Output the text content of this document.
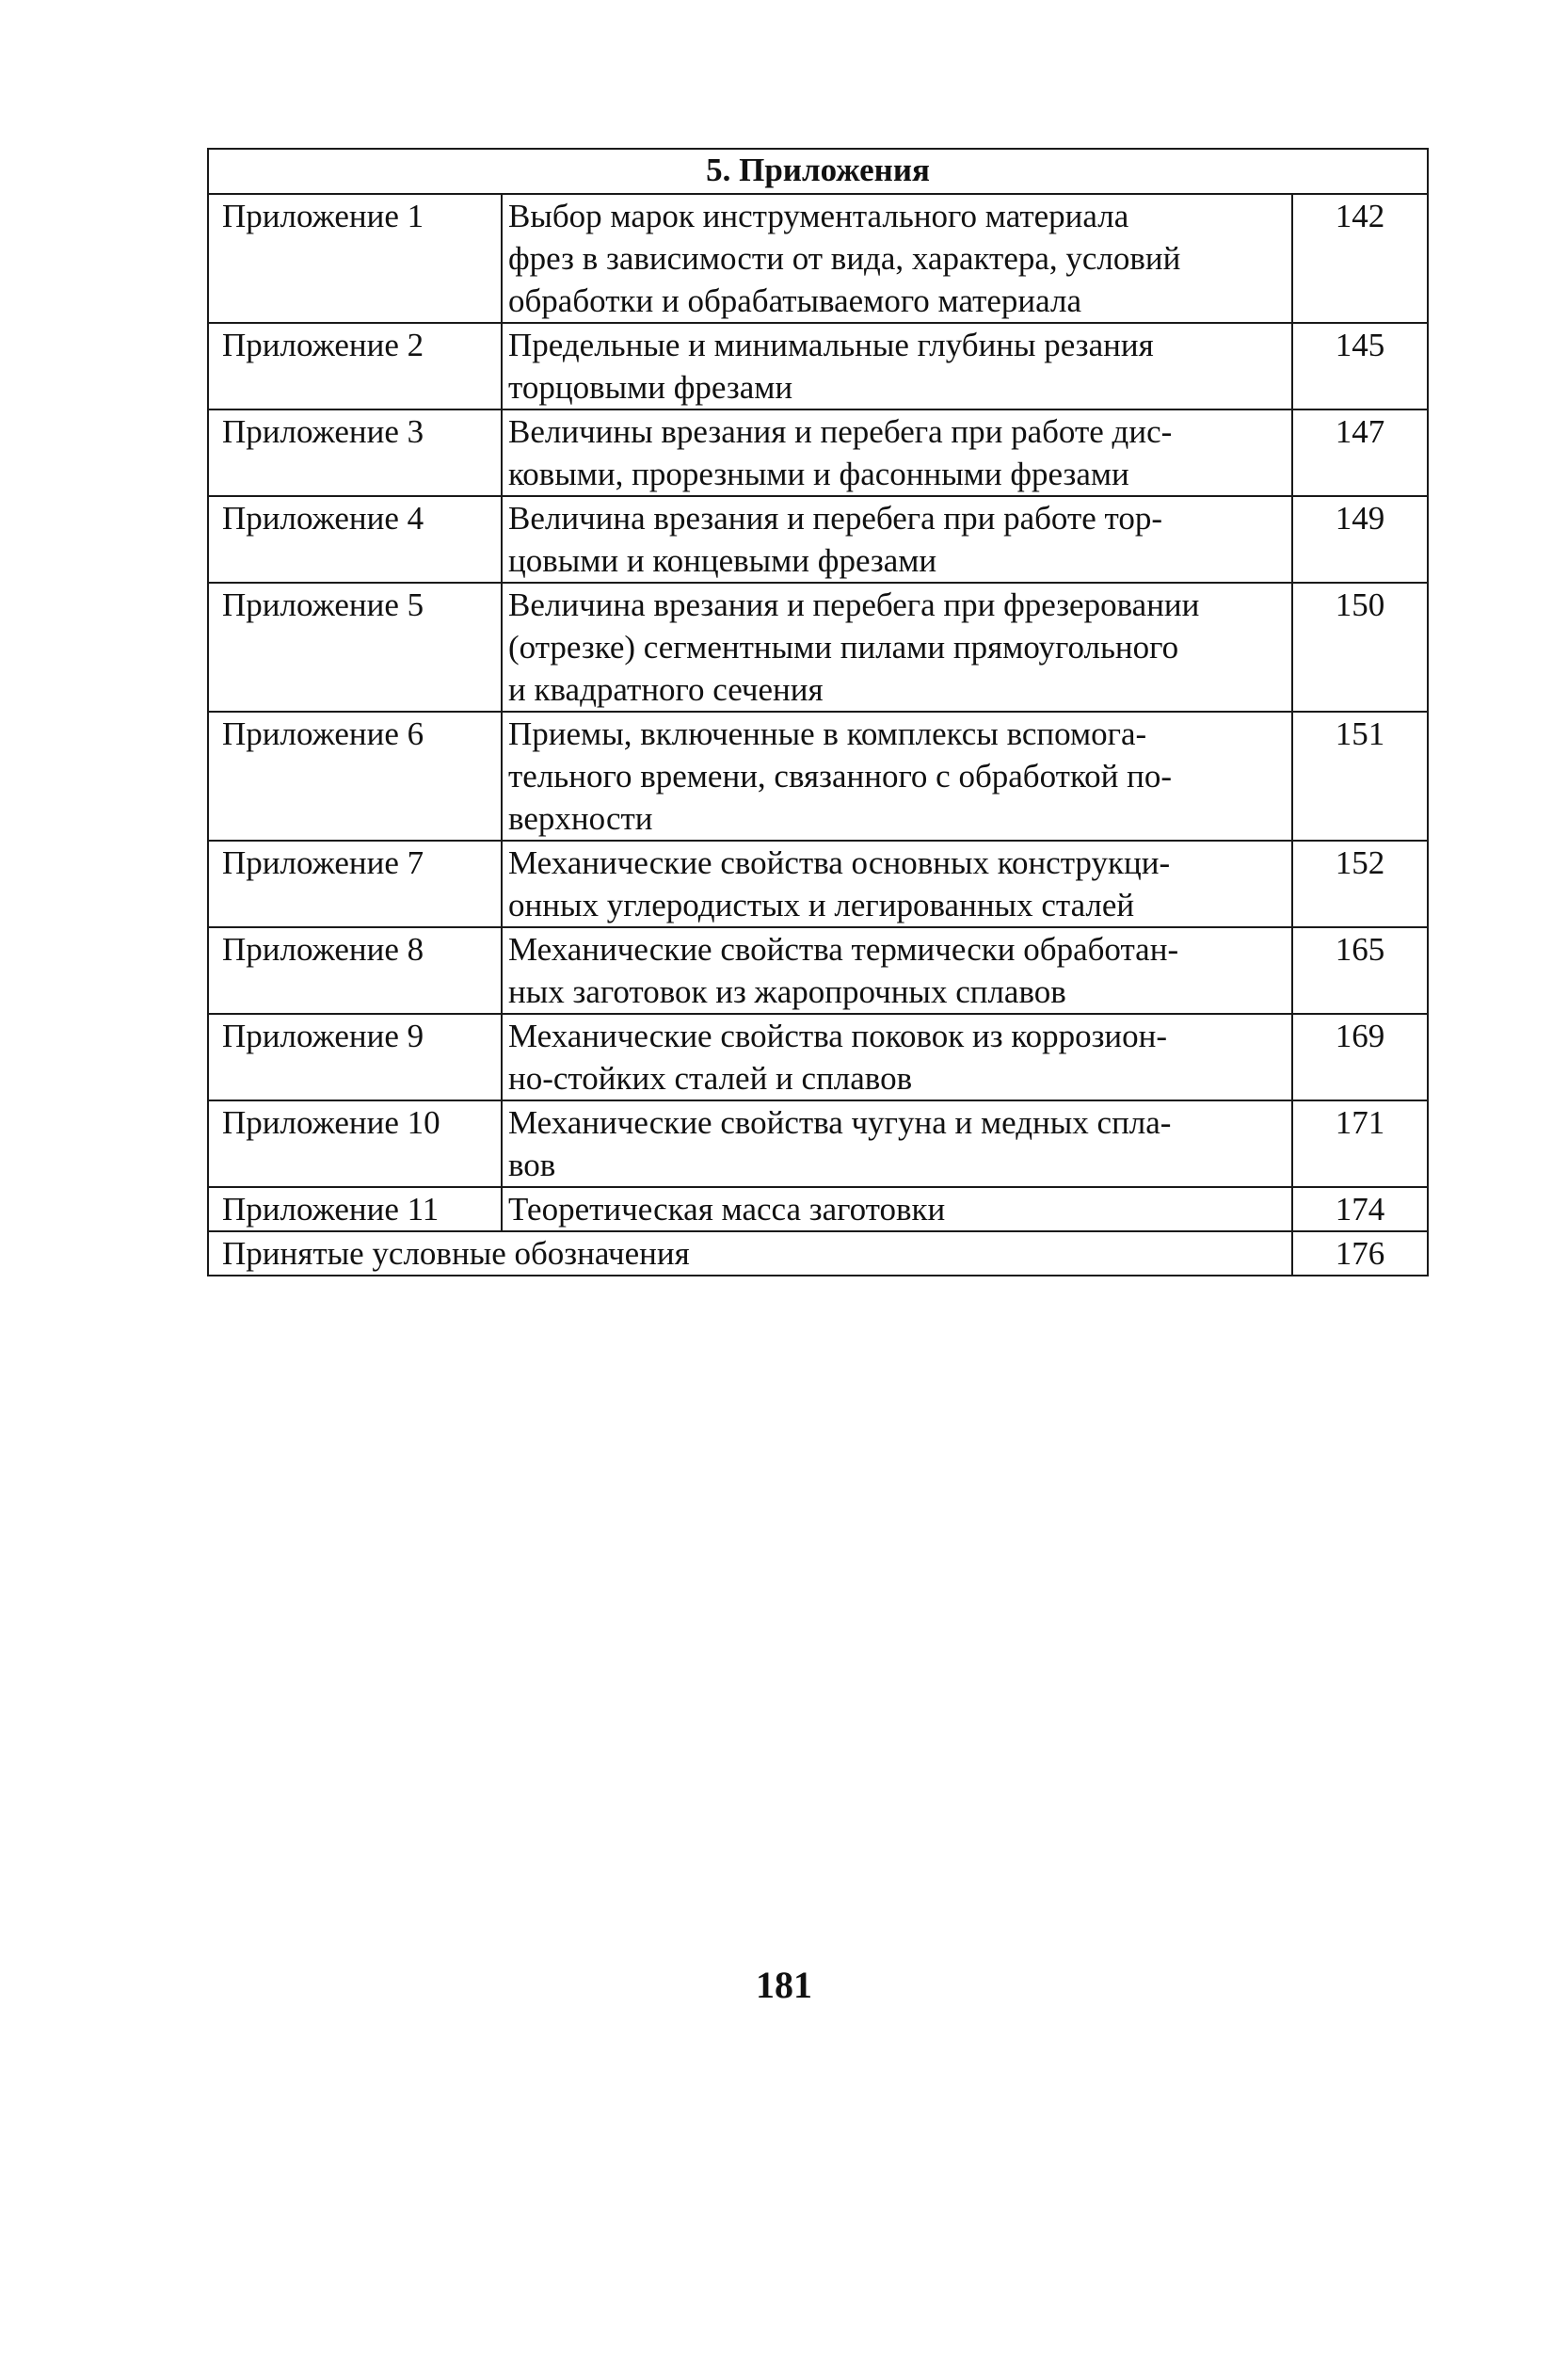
5. Приложения		
Приложение 1	Выбор марок инструментального материала
фрез в зависимости от вида, характера, условий
обработки и обрабатываемого материала	142
Приложение 2	Предельные и минимальные глубины резания
торцовыми фрезами	145
Приложение 3	Величины врезания и перебега при работе дис-
ковыми, прорезными и фасонными фрезами	147
Приложение 4	Величина врезания и перебега при работе тор-
цовыми и концевыми фрезами	149
Приложение 5	Величина врезания и перебега при фрезеровании
(отрезке) сегментными пилами прямоугольного
и квадратного сечения	150
Приложение 6	Приемы, включенные в комплексы вспомога-
тельного времени, связанного с обработкой по-
верхности	151
Приложение 7	Механические свойства основных конструкци-
онных углеродистых и легированных сталей	152
Приложение 8	Механические свойства термически обработан-
ных заготовок из жаропрочных сплавов	165
Приложение 9	Механические свойства поковок из коррозион-
но-стойких сталей и сплавов	169
Приложение 10	Механические свойства чугуна и медных спла-
вов	171
Приложение 11	Теоретическая масса заготовки	174
Принятые условные обозначения		176
181
